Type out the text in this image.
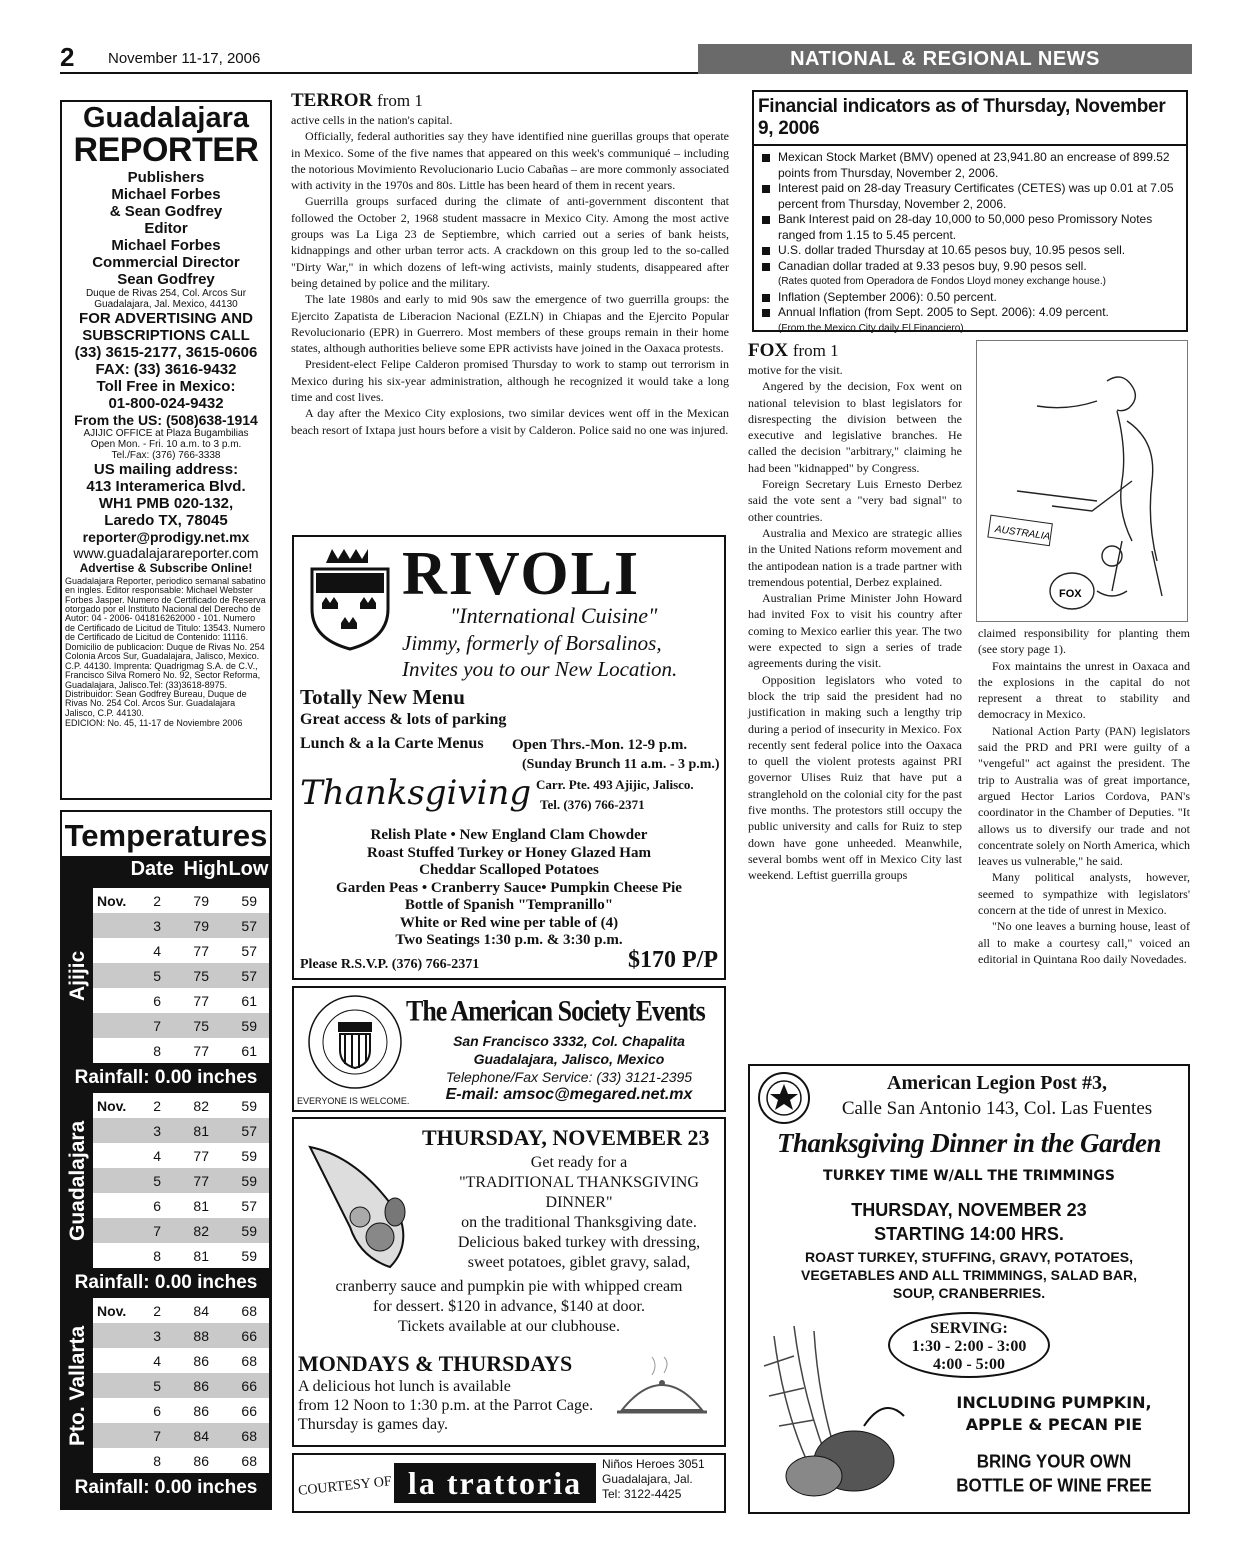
2 November 11-17, 2006	NATIONAL & REGIONAL NEWS
Guadalajara
REPORTER
Publishers
Michael Forbes
& Sean Godfrey
Editor
Michael Forbes
Commercial Director
Sean Godfrey
Duque de Rivas 254, Col. Arcos Sur
Guadalajara, Jal. Mexico, 44130
FOR ADVERTISING AND SUBSCRIPTIONS CALL
(33) 3615-2177, 3615-0606
FAX: (33) 3616-9432
Toll Free in Mexico:
01-800-024-9432
From the US: (508)638-1914
AJIJIC OFFICE at Plaza Bugambilias
Open Mon. - Fri. 10 a.m. to 3 p.m.
Tel./Fax: (376) 766-3338
US mailing address:
413 Interamerica Blvd.
WH1 PMB 020-132,
Laredo TX, 78045
reporter@prodigy.net.mx
www.guadalajarareporter.com
Advertise & Subscribe Online!
Guadalajara Reporter, periodico semanal sabatino en ingles. Editor responsable: Michael Webster Forbes Jasper. Numero de Certificado de Reserva otorgado por el Instituto Nacional del Derecho de Autor: 04 - 2006- 041816262000 - 101. Numero de Certificado de Licitud de Titulo: 13543. Numero de Certificado de Licitud de Contenido: 11116. Domicilio de publicacion: Duque de Rivas No. 254 Colonia Arcos Sur, Guadalajara, Jalisco, Mexico. C.P. 44130. Imprenta: Quadrigmag S.A. de C.V., Francisco Silva Romero No. 92, Sector Reforma, Guadalajara, Jalisco.Tel: (33)3618-8975. Distribuidor: Sean Godfrey Bureau, Duque de Rivas No. 254 Col. Arcos Sur. Guadalajara Jalisco, C.P. 44130.
EDICION: No. 45, 11-17 de Noviembre 2006
Temperatures
Date High Low
Ajijic
Nov.	2	79	59
3	79	57
4	77	57
5	75	57
6	77	61
7	75	59
8	77	61
Rainfall: 0.00 inches
Guadalajara
Nov.	2	82	59
3	81	57
4	77	59
5	77	59
6	81	57
7	82	59
8	81	59
Rainfall: 0.00 inches
Pto. Vallarta
Nov.	2	84	68
3	88	66
4	86	68
5	86	66
6	86	66
7	84	68
8	86	68
Rainfall: 0.00 inches
TERROR from 1

active cells in the nation's capital.

Officially, federal authorities say they have identified nine guerillas groups that operate in Mexico. Some of the five names that appeared on this week's communiqué – including the notorious Movimiento Revolucionario Lucio Cabañas – are more commonly associated with activity in the 1970s and 80s. Little has been heard of them in recent years.

Guerrilla groups surfaced during the climate of anti-government discontent that followed the October 2, 1968 student massacre in Mexico City. Among the most active groups was La Liga 23 de Septiembre, which carried out a series of bank heists, kidnappings and other urban terror acts. A crackdown on this group led to the so-called "Dirty War," in which dozens of left-wing activists, mainly students, disappeared after being detained by police and the military.

The late 1980s and early to mid 90s saw the emergence of two guerrilla groups: the Ejercito Zapatista de Liberacion Nacional (EZLN) in Chiapas and the Ejercito Popular Revolucionario (EPR) in Guerrero. Most members of these groups remain in their home states, although authorities believe some EPR activists have joined in the Oaxaca protests.

President-elect Felipe Calderon promised Thursday to work to stamp out terrorism in Mexico during his six-year administration, although he recognized it would take a long time and cost lives.

A day after the Mexico City explosions, two similar devices went off in the Mexican beach resort of Ixtapa just hours before a visit by Calderon. Police said no one was injured.

Financial indicators as of Thursday, November 9, 2006
Mexican Stock Market (BMV) opened at 23,941.80 an encrease of 899.52 points from Thursday, November 2, 2006.
Interest paid on 28-day Treasury Certificates (CETES) was up 0.01 at 7.05 percent from Thursday, November 2, 2006.
Bank Interest paid on 28-day 10,000 to 50,000 peso Promissory Notes ranged from 1.15 to 5.45 percent.
U.S. dollar traded Thursday at 10.65 pesos buy, 10.95 pesos sell.
Canadian dollar traded at 9.33 pesos buy, 9.90 pesos sell.
(Rates quoted from Operadora de Fondos Lloyd money exchange house.)
Inflation (September 2006): 0.50 percent.
Annual Inflation (from Sept. 2005 to Sept. 2006): 4.09 percent.
(From the Mexico City daily El Financiero)
FOX from 1

motive for the visit.

Angered by the decision, Fox went on national television to blast legislators for disrespecting the division between the executive and legislative branches. He called the decision "arbitrary," claiming he had been "kidnapped" by Congress.

Foreign Secretary Luis Ernesto Derbez said the vote sent a "very bad signal" to other countries.

Australia and Mexico are strategic allies in the United Nations reform movement and the antipodean nation is a trade partner with tremendous potential, Derbez explained.

Australian Prime Minister John Howard had invited Fox to visit his country after coming to Mexico earlier this year. The two were expected to sign a series of trade agreements during the visit.

Opposition legislators who voted to block the trip said the president had no justification in making such a lengthy trip during a period of insecurity in Mexico. Fox recently sent federal police into the Oaxaca to quell the violent protests against PRI governor Ulises Ruiz that have put a stranglehold on the colonial city for the past five months. The protestors still occupy the public university and calls for Ruiz to step down have gone unheeded. Meanwhile, several bombs went off in Mexico City last weekend. Leftist guerrilla groups

AUSTRALIA
FOX

claimed responsibility for planting them (see story page 1).

Fox maintains the unrest in Oaxaca and the explosions in the capital do not represent a threat to stability and democracy in Mexico.

National Action Party (PAN) legislators said the PRD and PRI were guilty of a "vengeful" act against the president. The trip to Australia was of great importance, argued Hector Larios Cordova, PAN's coordinator in the Chamber of Deputies. "It allows us to diversify our trade and not concentrate solely on North America, which leaves us vulnerable," he said.

Many political analysts, however, seemed to sympathize with legislators' concern at the tide of unrest in Mexico.

"No one leaves a burning house, least of all to make a courtesy call," voiced an editorial in Quintana Roo daily Novedades.

RIVOLI
"International Cuisine"
Jimmy, formerly of Borsalinos,
Invites you to our New Location.
Totally New Menu
Great access & lots of parking
Lunch & a la Carte Menus Open Thrs.-Mon. 12-9 p.m.
(Sunday Brunch 11 a.m. - 3 p.m.)
Carr. Pte. 493 Ajijic, Jalisco.
Tel. (376) 766-2371
Thanksgiving
Relish Plate • New England Clam Chowder
Roast Stuffed Turkey or Honey Glazed Ham
Cheddar Scalloped Potatoes
Garden Peas • Cranberry Sauce• Pumpkin Cheese Pie
Bottle of Spanish "Tempranillo"
White or Red wine per table of (4)
Two Seatings 1:30 p.m. & 3:30 p.m.
Please R.S.V.P. (376) 766-2371	$170 P/P
EVERYONE IS WELCOME.
The American Society Events
San Francisco 3332, Col. Chapalita
Guadalajara, Jalisco, Mexico
Telephone/Fax Service: (33) 3121-2395
E-mail: amsoc@megared.net.mx
THURSDAY, NOVEMBER 23
Get ready for a
"TRADITIONAL THANKSGIVING
DINNER"
on the traditional Thanksgiving date.
Delicious baked turkey with dressing,
sweet potatoes, giblet gravy, salad,
cranberry sauce and pumpkin pie with whipped cream
for dessert. $120 in advance, $140 at door.
Tickets available at our clubhouse.
MONDAYS & THURSDAYS
A delicious hot lunch is available
from 12 Noon to 1:30 p.m. at the Parrot Cage.
Thursday is games day.
COURTESY OF la trattoria
Niños Heroes 3051
Guadalajara, Jal.
Tel: 3122-4425
American Legion Post #3,
Calle San Antonio 143, Col. Las Fuentes
Thanksgiving Dinner in the Garden
TURKEY TIME W/ALL THE TRIMMINGS
THURSDAY, NOVEMBER 23
STARTING 14:00 HRS.
ROAST TURKEY, STUFFING, GRAVY, POTATOES,
VEGETABLES AND ALL TRIMMINGS, SALAD BAR,
SOUP, CRANBERRIES.
SERVING:
1:30 - 2:00 - 3:00
4:00 - 5:00
INCLUDING PUMPKIN,
APPLE & PECAN PIE
BRING YOUR OWN
BOTTLE OF WINE FREE
